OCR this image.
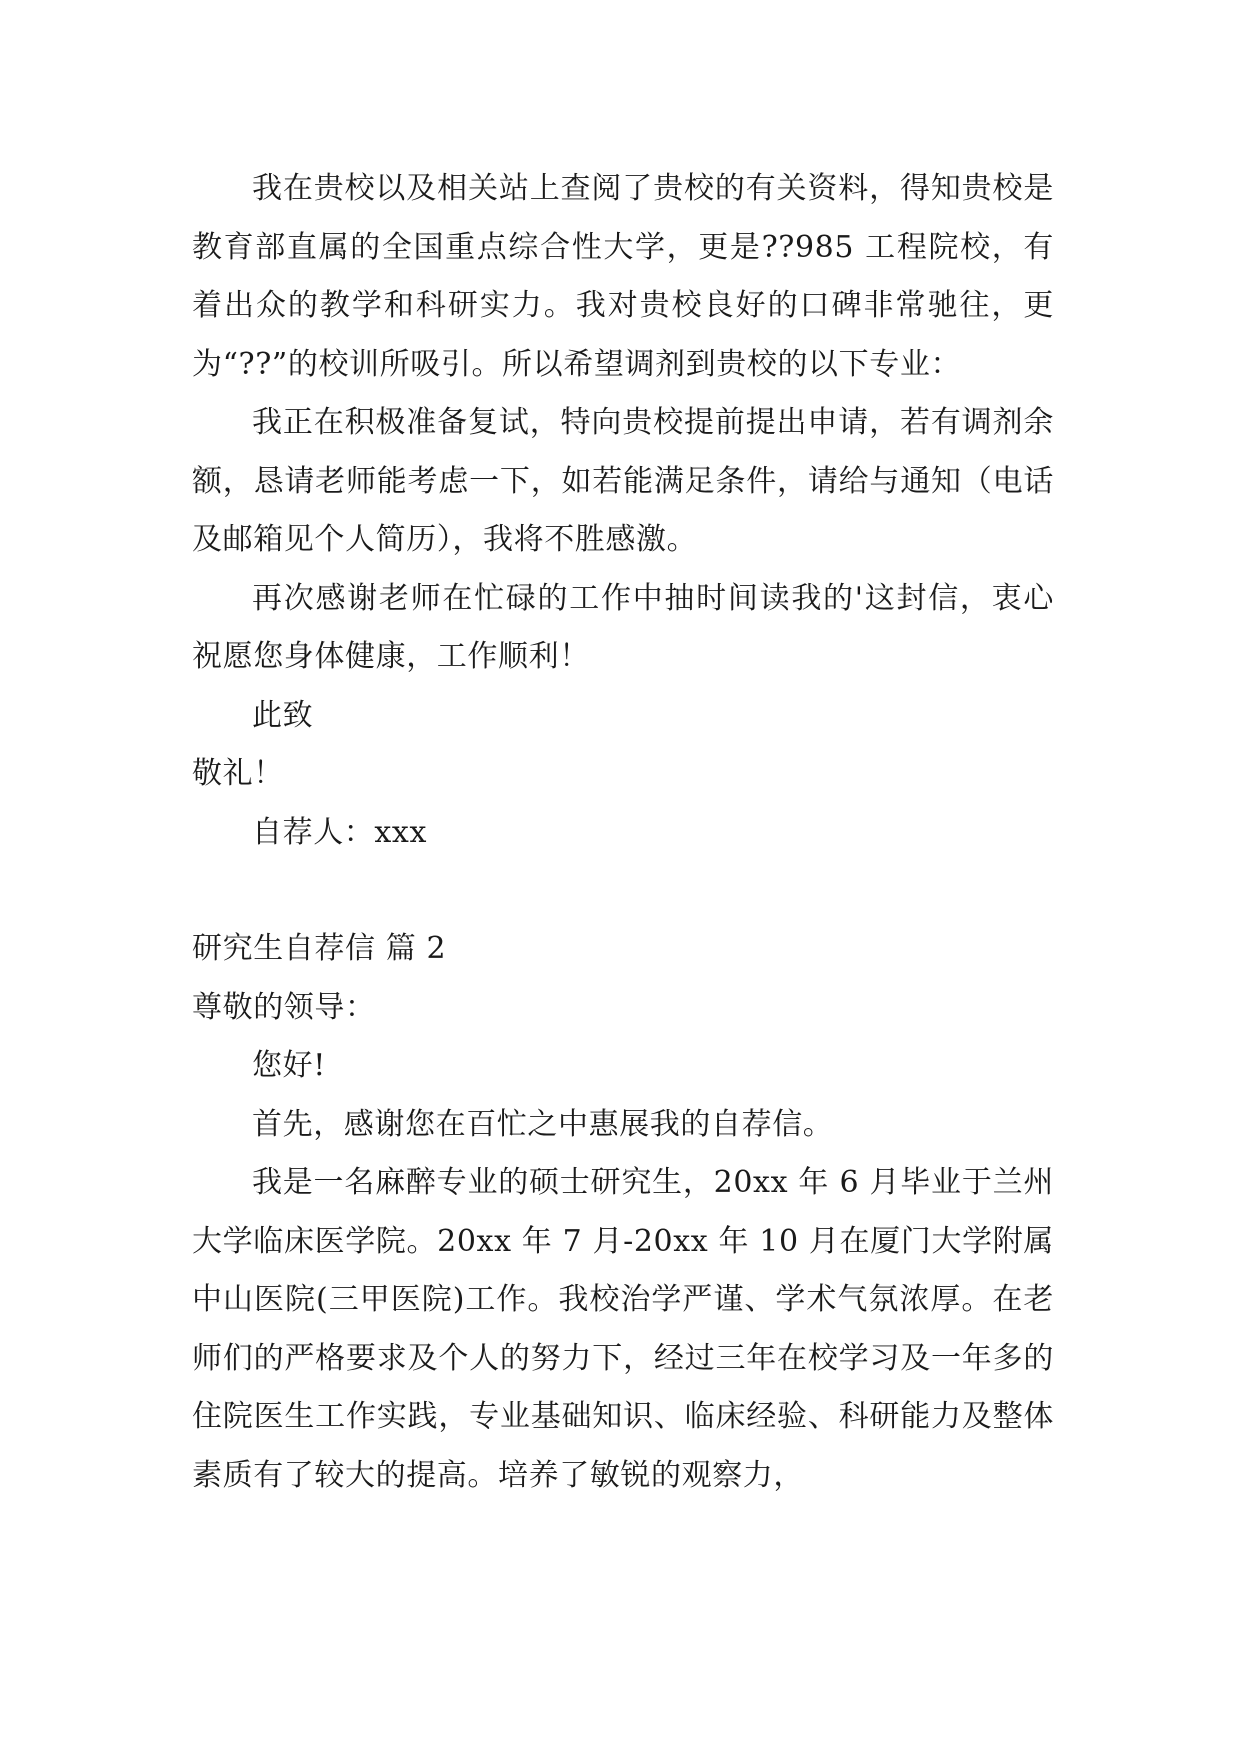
我在贵校以及相关站上查阅了贵校的有关资料，得知贵校是教育部直属的全国重点综合性大学，更是??985 工程院校，有着出众的教学和科研实力。我对贵校良好的口碑非常驰往，更为“??”的校训所吸引。所以希望调剂到贵校的以下专业：

我正在积极准备复试，特向贵校提前提出申请，若有调剂余额，恳请老师能考虑一下，如若能满足条件，请给与通知（电话及邮箱见个人简历），我将不胜感激。

再次感谢老师在忙碌的工作中抽时间读我的'这封信，衷心祝愿您身体健康，工作顺利！

此致

敬礼！

自荐人：xxx

研究生自荐信 篇 2

尊敬的领导：

您好!

首先，感谢您在百忙之中惠展我的自荐信。

我是一名麻醉专业的硕士研究生，20xx 年 6 月毕业于兰州大学临床医学院。20xx 年 7 月-20xx 年 10 月在厦门大学附属中山医院(三甲医院)工作。我校治学严谨、学术气氛浓厚。在老师们的严格要求及个人的努力下，经过三年在校学习及一年多的住院医生工作实践，专业基础知识、临床经验、科研能力及整体素质有了较大的提高。培养了敏锐的观察力，
